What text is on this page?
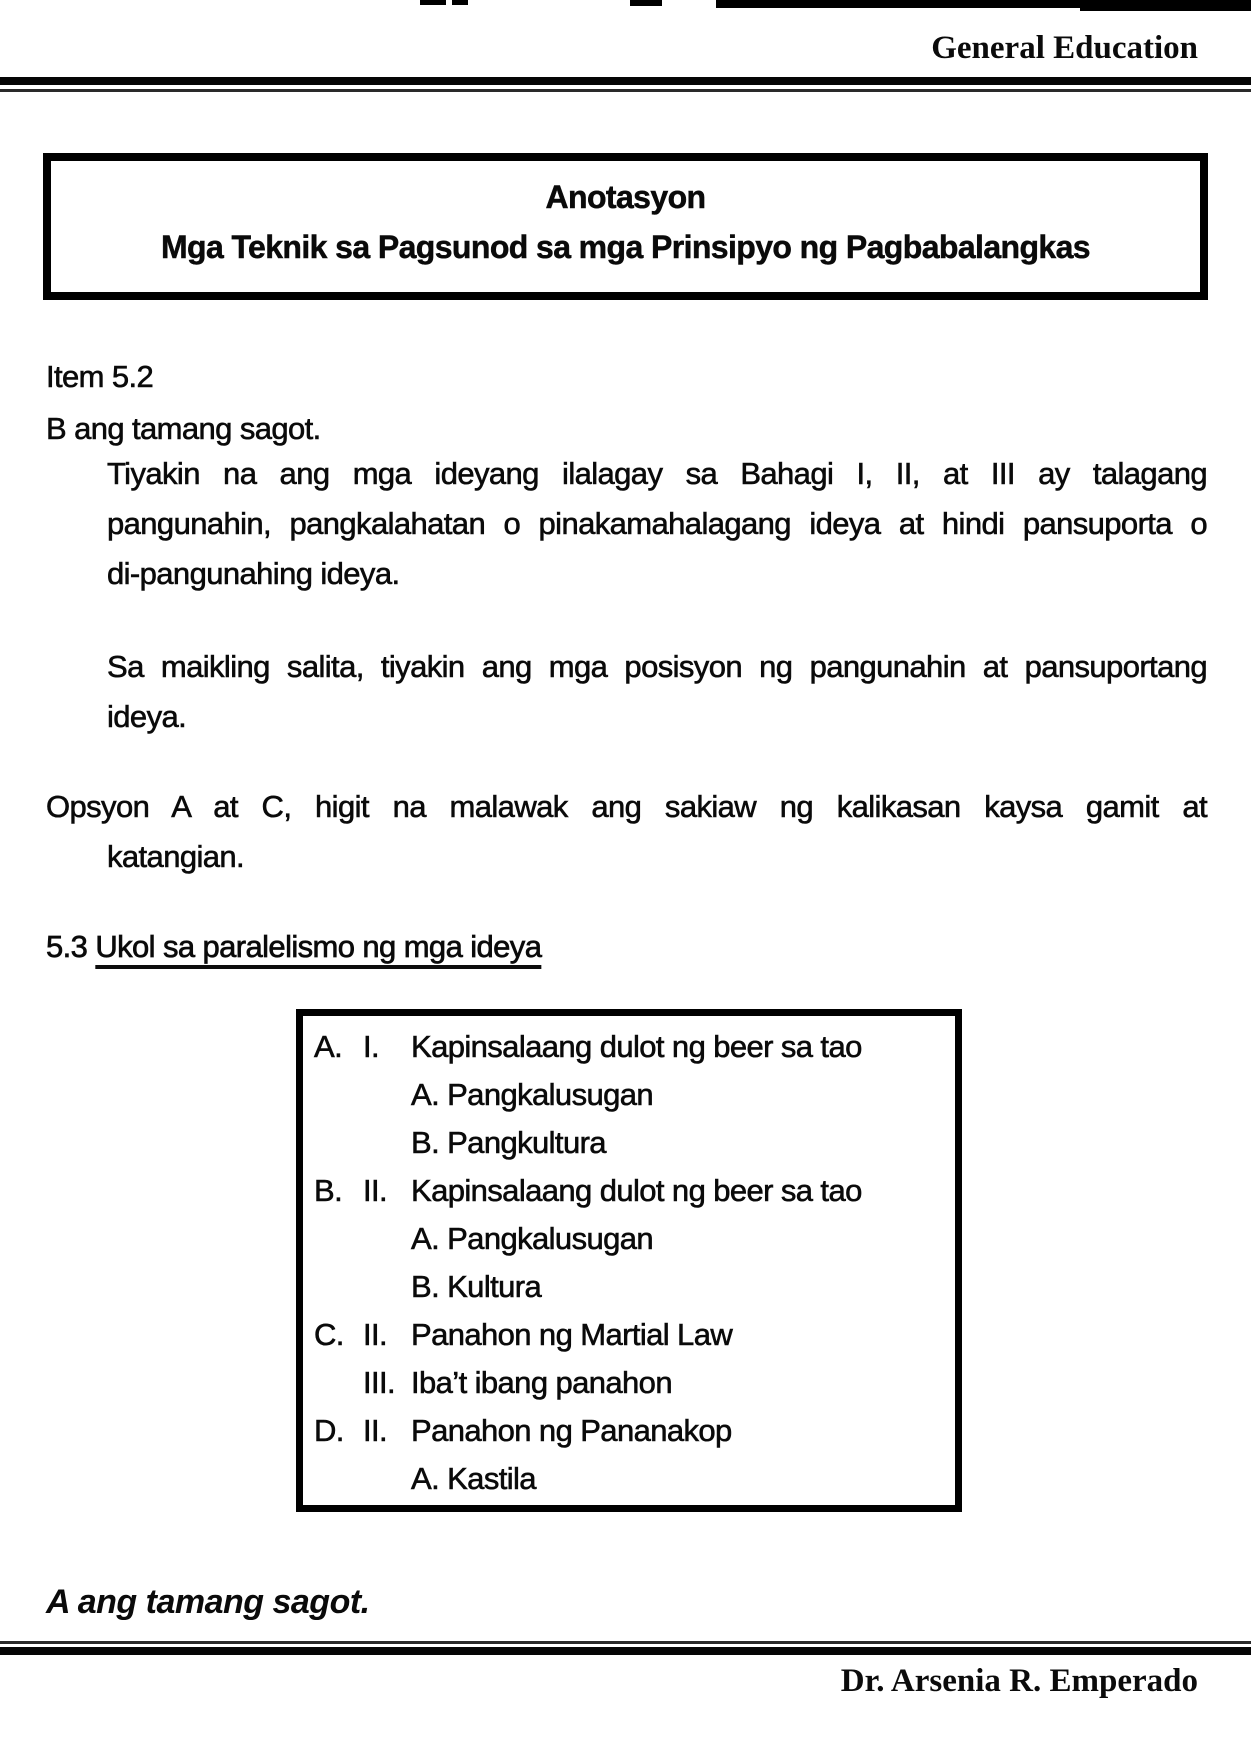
General Education
Anotasyon
Mga Teknik sa Pagsunod sa mga Prinsipyo ng Pagbabalangkas
Item 5.2
B ang tamang sagot.
Tiyakin na ang mga ideyang ilalagay sa Bahagi I, II, at III ay talagang
pangunahin, pangkalahatan o pinakamahalagang ideya at hindi pansuporta o
di-pangunahing ideya.
Sa maikling salita, tiyakin ang mga posisyon ng pangunahin at pansuportang
ideya.
Opsyon A at C, higit na malawak ang sakiaw ng kalikasan kaysa gamit at
katangian.
5.3 Ukol sa paralelismo ng mga ideya
A. I.	Kapinsalaang dulot ng beer sa tao
A. Pangkalusugan
B. Pangkultura
B. II. Kapinsalaang dulot ng beer sa tao
A. Pangkalusugan
B. Kultura
C. II. Panahon ng Martial Law
III. Iba’t ibang panahon
D. II. Panahon ng Pananakop
A. Kastila
A ang tamang sagot.
Dr. Arsenia R. Emperado
